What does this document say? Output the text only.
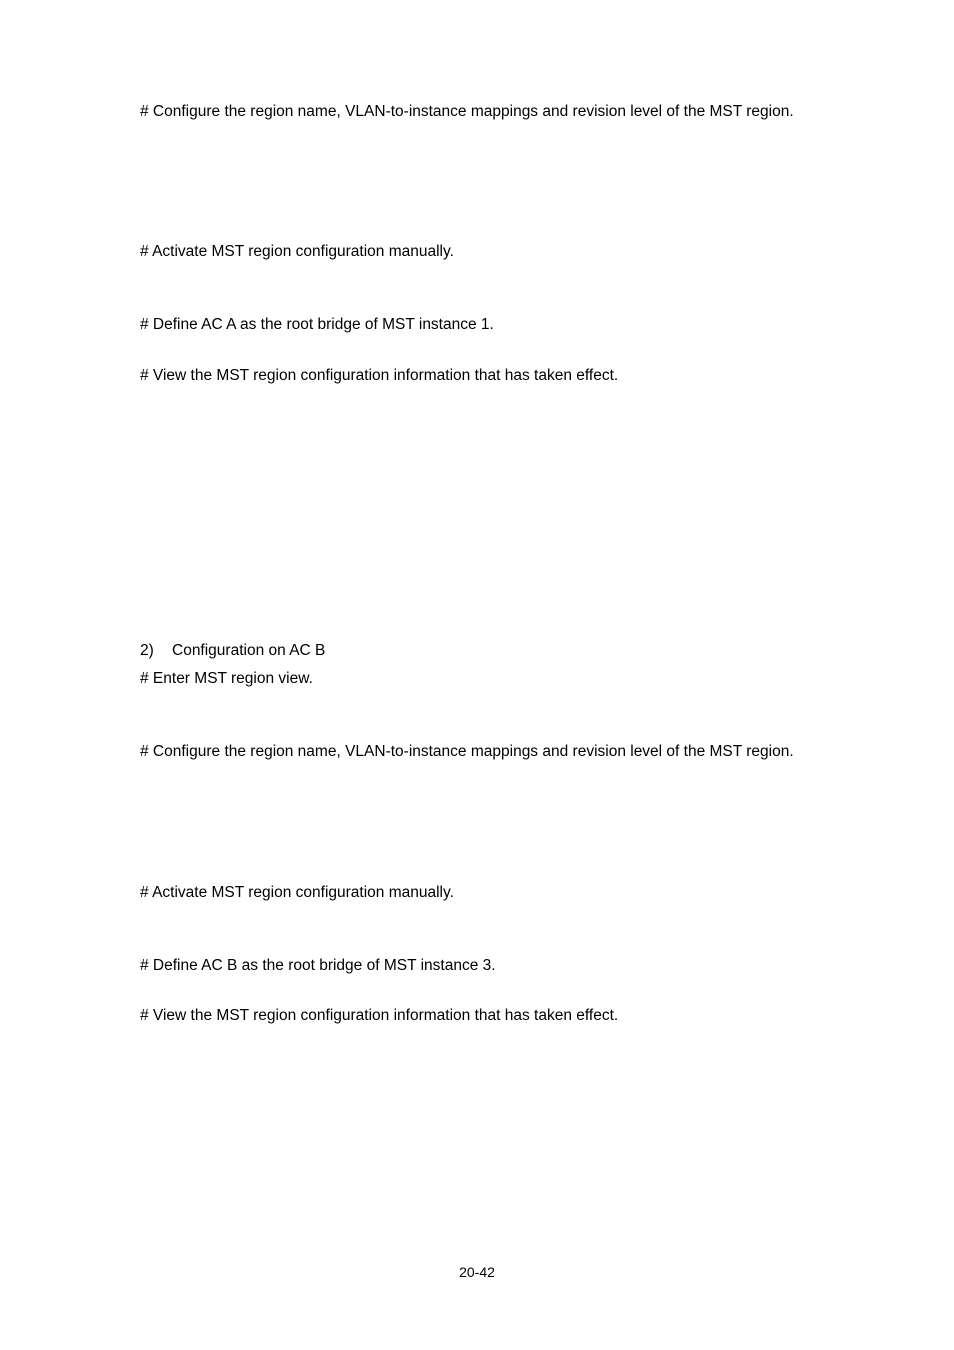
# Configure the region name, VLAN-to-instance mappings and revision level of the MST region.
# Activate MST region configuration manually.
# Define AC A as the root bridge of MST instance 1.
# View the MST region configuration information that has taken effect.
2) Configuration on AC B
# Enter MST region view.
# Configure the region name, VLAN-to-instance mappings and revision level of the MST region.
# Activate MST region configuration manually.
# Define AC B as the root bridge of MST instance 3.
# View the MST region configuration information that has taken effect.
20-42
